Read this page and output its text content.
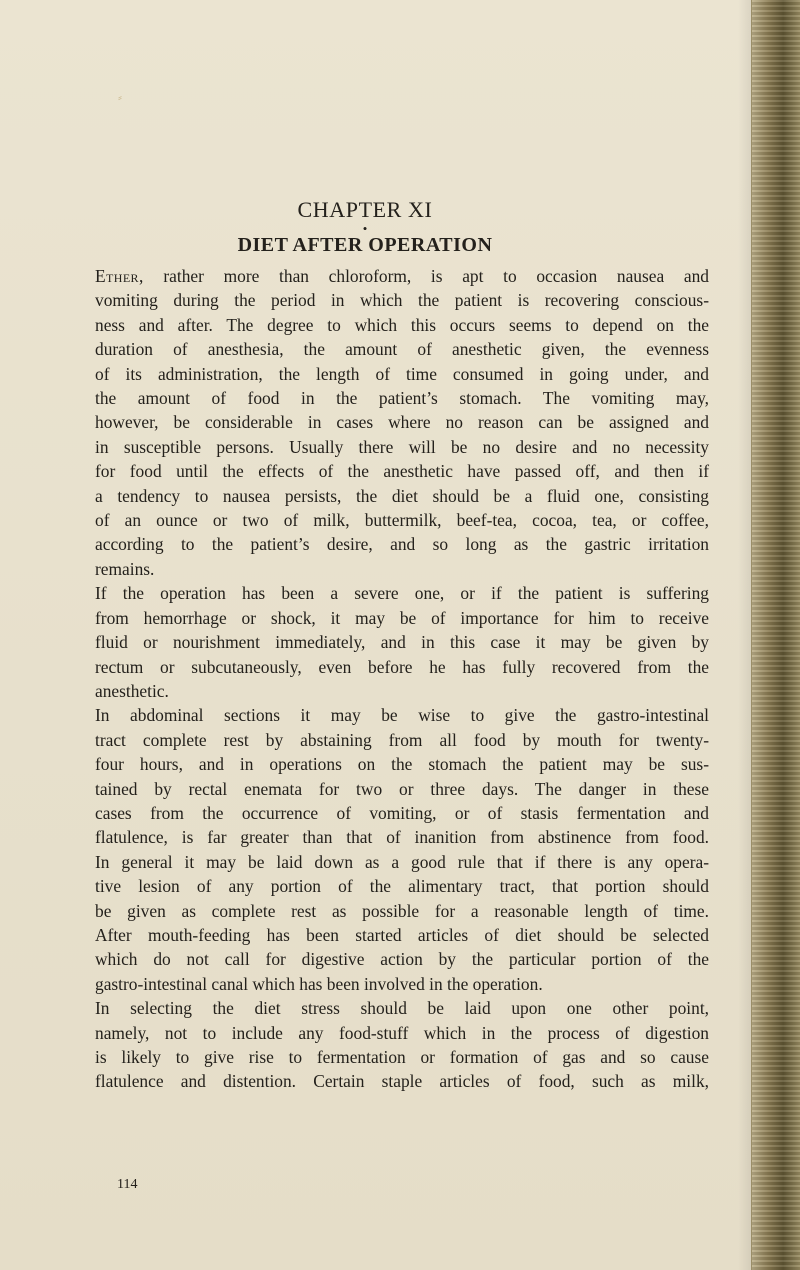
⸗
CHAPTER XI
•
DIET AFTER OPERATION
Ether, rather more than chloroform, is apt to occasion nausea and
vomiting during the period in which the patient is recovering conscious-
ness and after. The degree to which this occurs seems to depend on the
duration of anesthesia, the amount of anesthetic given, the evenness
of its administration, the length of time consumed in going under, and
the amount of food in the patient’s stomach. The vomiting may,
however, be considerable in cases where no reason can be assigned and
in susceptible persons. Usually there will be no desire and no necessity
for food until the effects of the anesthetic have passed off, and then if
a tendency to nausea persists, the diet should be a fluid one, consisting
of an ounce or two of milk, buttermilk, beef-tea, cocoa, tea, or coffee,
according to the patient’s desire, and so long as the gastric irritation
remains.
If the operation has been a severe one, or if the patient is suffering
from hemorrhage or shock, it may be of importance for him to receive
fluid or nourishment immediately, and in this case it may be given by
rectum or subcutaneously, even before he has fully recovered from the
anesthetic.
In abdominal sections it may be wise to give the gastro-intestinal
tract complete rest by abstaining from all food by mouth for twenty-
four hours, and in operations on the stomach the patient may be sus-
tained by rectal enemata for two or three days. The danger in these
cases from the occurrence of vomiting, or of stasis fermentation and
flatulence, is far greater than that of inanition from abstinence from food.
In general it may be laid down as a good rule that if there is any opera-
tive lesion of any portion of the alimentary tract, that portion should
be given as complete rest as possible for a reasonable length of time.
After mouth-feeding has been started articles of diet should be selected
which do not call for digestive action by the particular portion of the
gastro-intestinal canal which has been involved in the operation.
In selecting the diet stress should be laid upon one other point,
namely, not to include any food-stuff which in the process of digestion
is likely to give rise to fermentation or formation of gas and so cause
flatulence and distention. Certain staple articles of food, such as milk,
114
